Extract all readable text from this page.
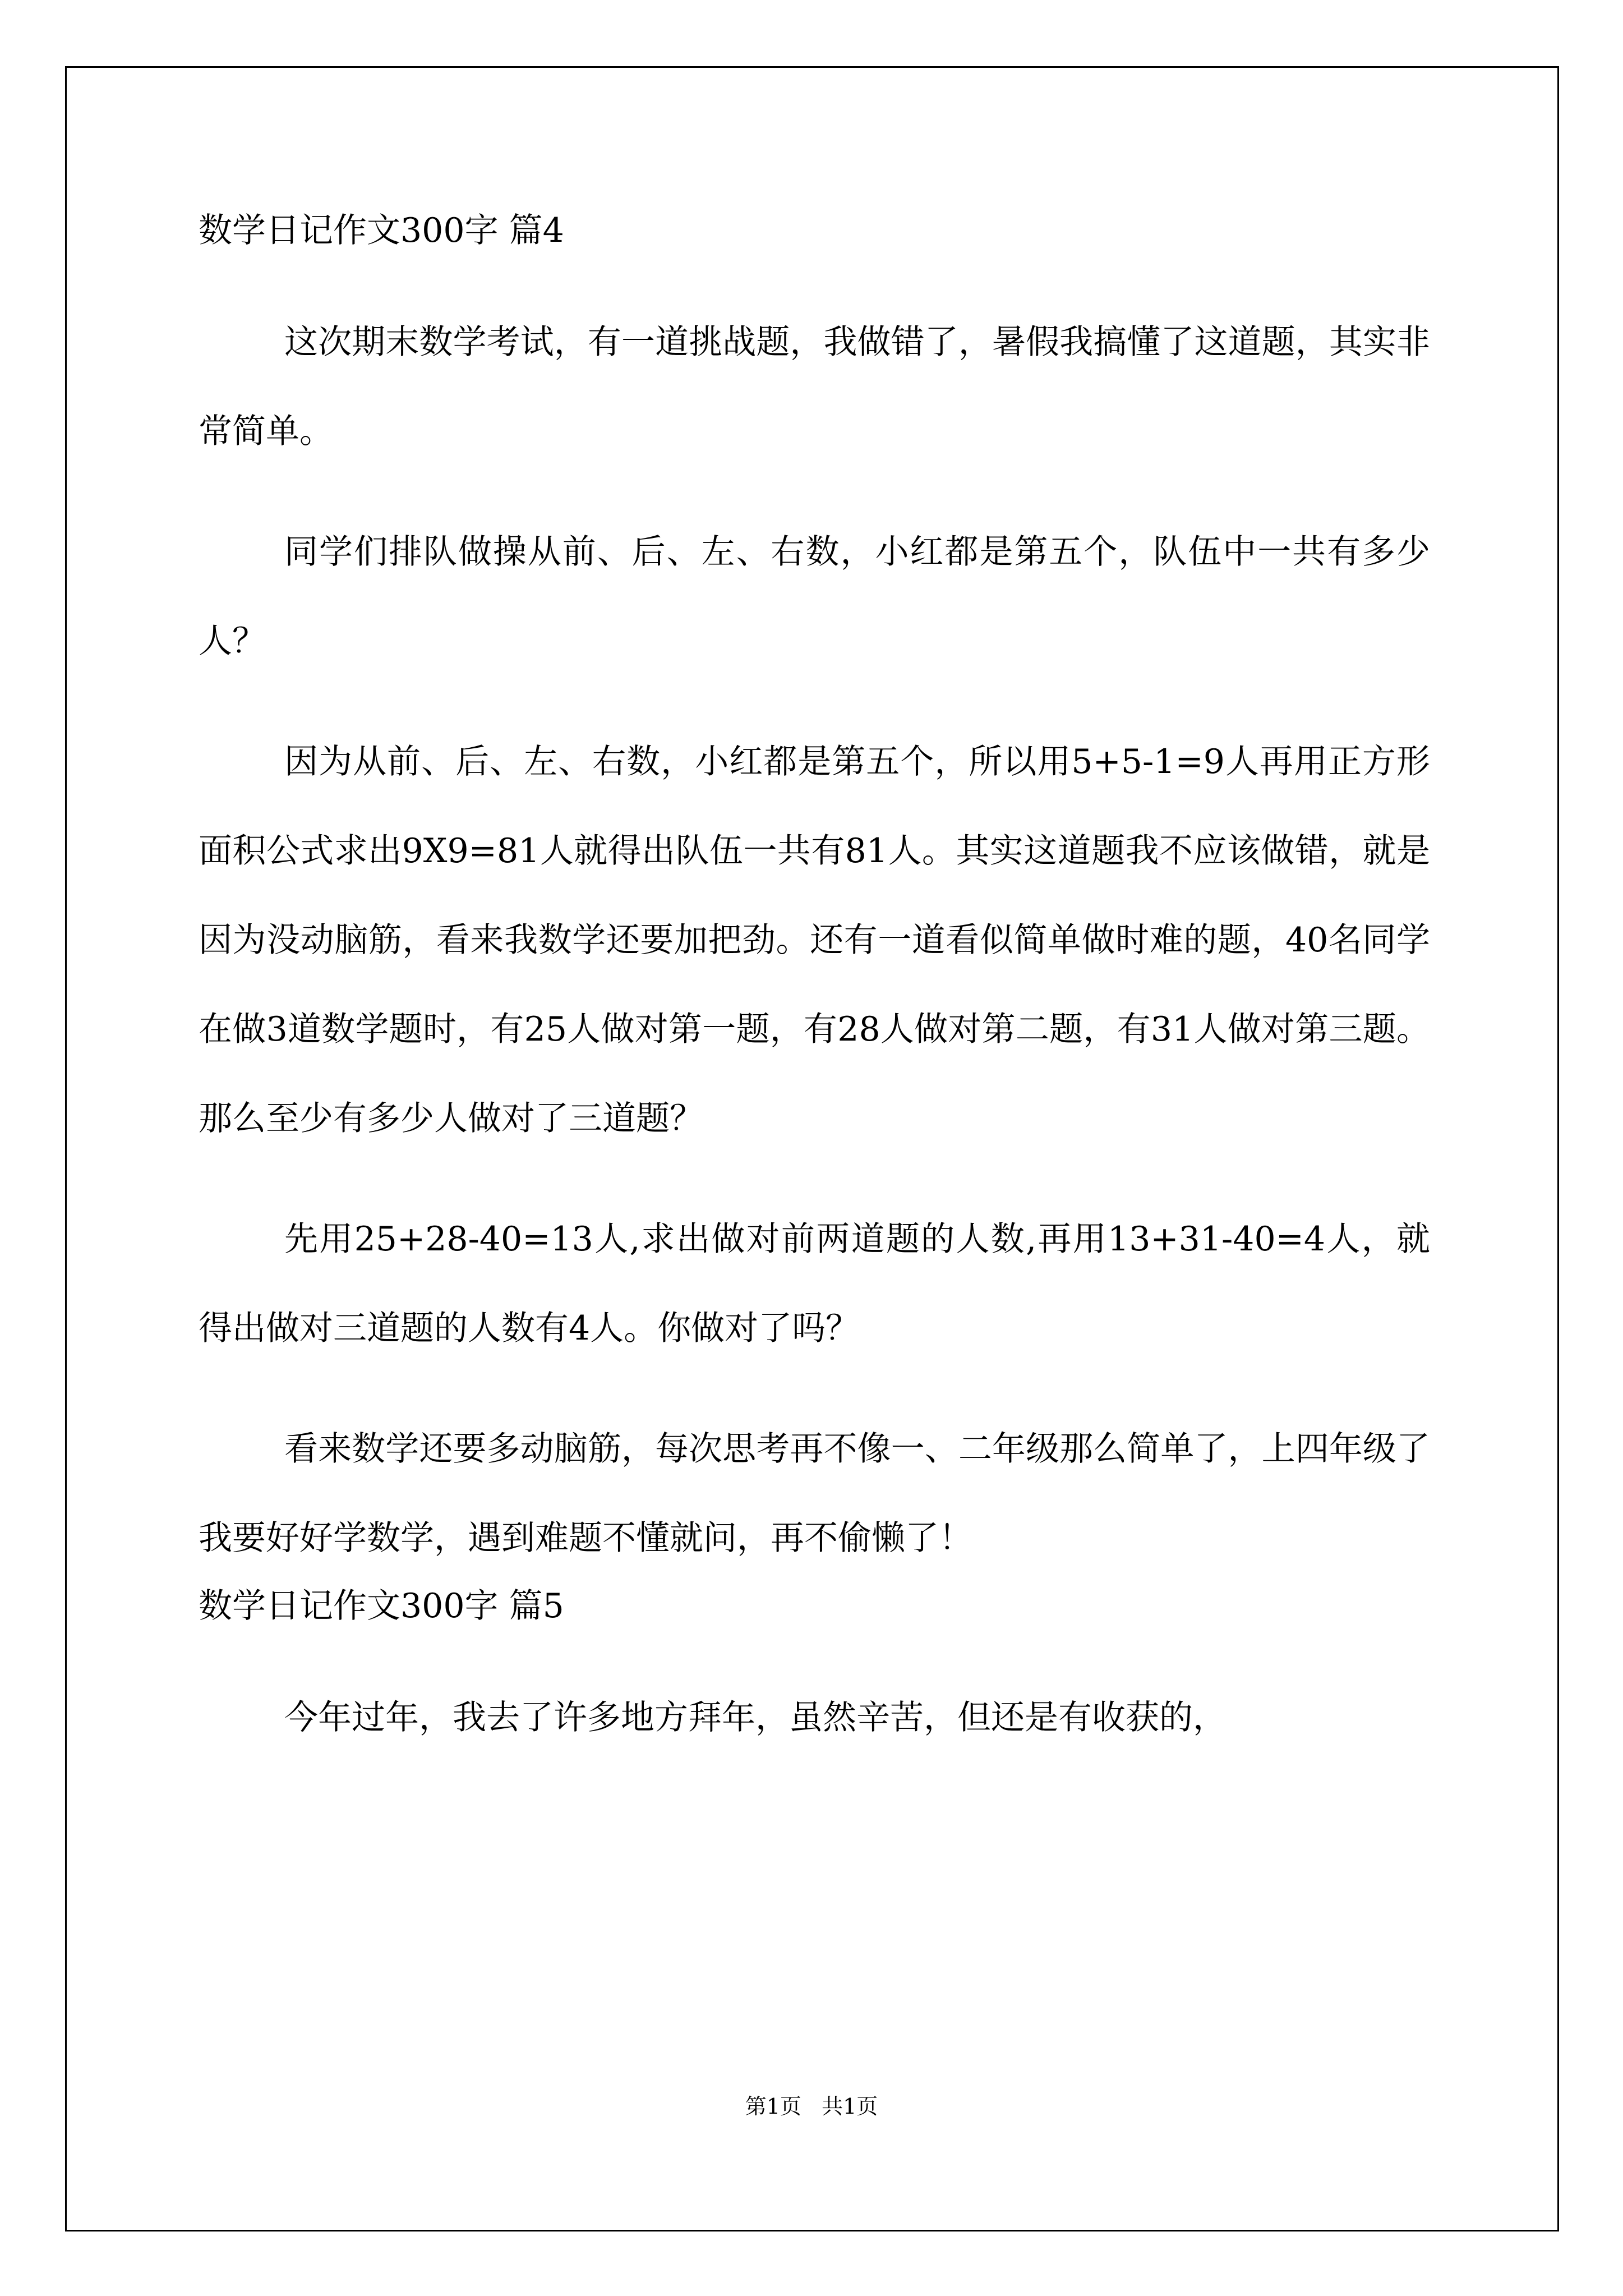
数学日记作文300字 篇4

这次期末数学考试，有一道挑战题，我做错了，暑假我搞懂了这道题，其实非常简单。

同学们排队做操从前、后、左、右数，小红都是第五个，队伍中一共有多少人？

因为从前、后、左、右数，小红都是第五个，所以用5+5-1=9人再用正方形面积公式求出9X9=81人就得出队伍一共有81人。其实这道题我不应该做错，就是因为没动脑筋，看来我数学还要加把劲。还有一道看似简单做时难的题，40名同学在做3道数学题时，有25人做对第一题，有28人做对第二题，有31人做对第三题。那么至少有多少人做对了三道题？

先用25+28-40=13人,求出做对前两道题的人数,再用13+31-40=4人，就得出做对三道题的人数有4人。你做对了吗？

看来数学还要多动脑筋，每次思考再不像一、二年级那么简单了，上四年级了我要好好学数学，遇到难题不懂就问，再不偷懒了！

数学日记作文300字 篇5

今年过年，我去了许多地方拜年，虽然辛苦，但还是有收获的，

第1页   共1页
